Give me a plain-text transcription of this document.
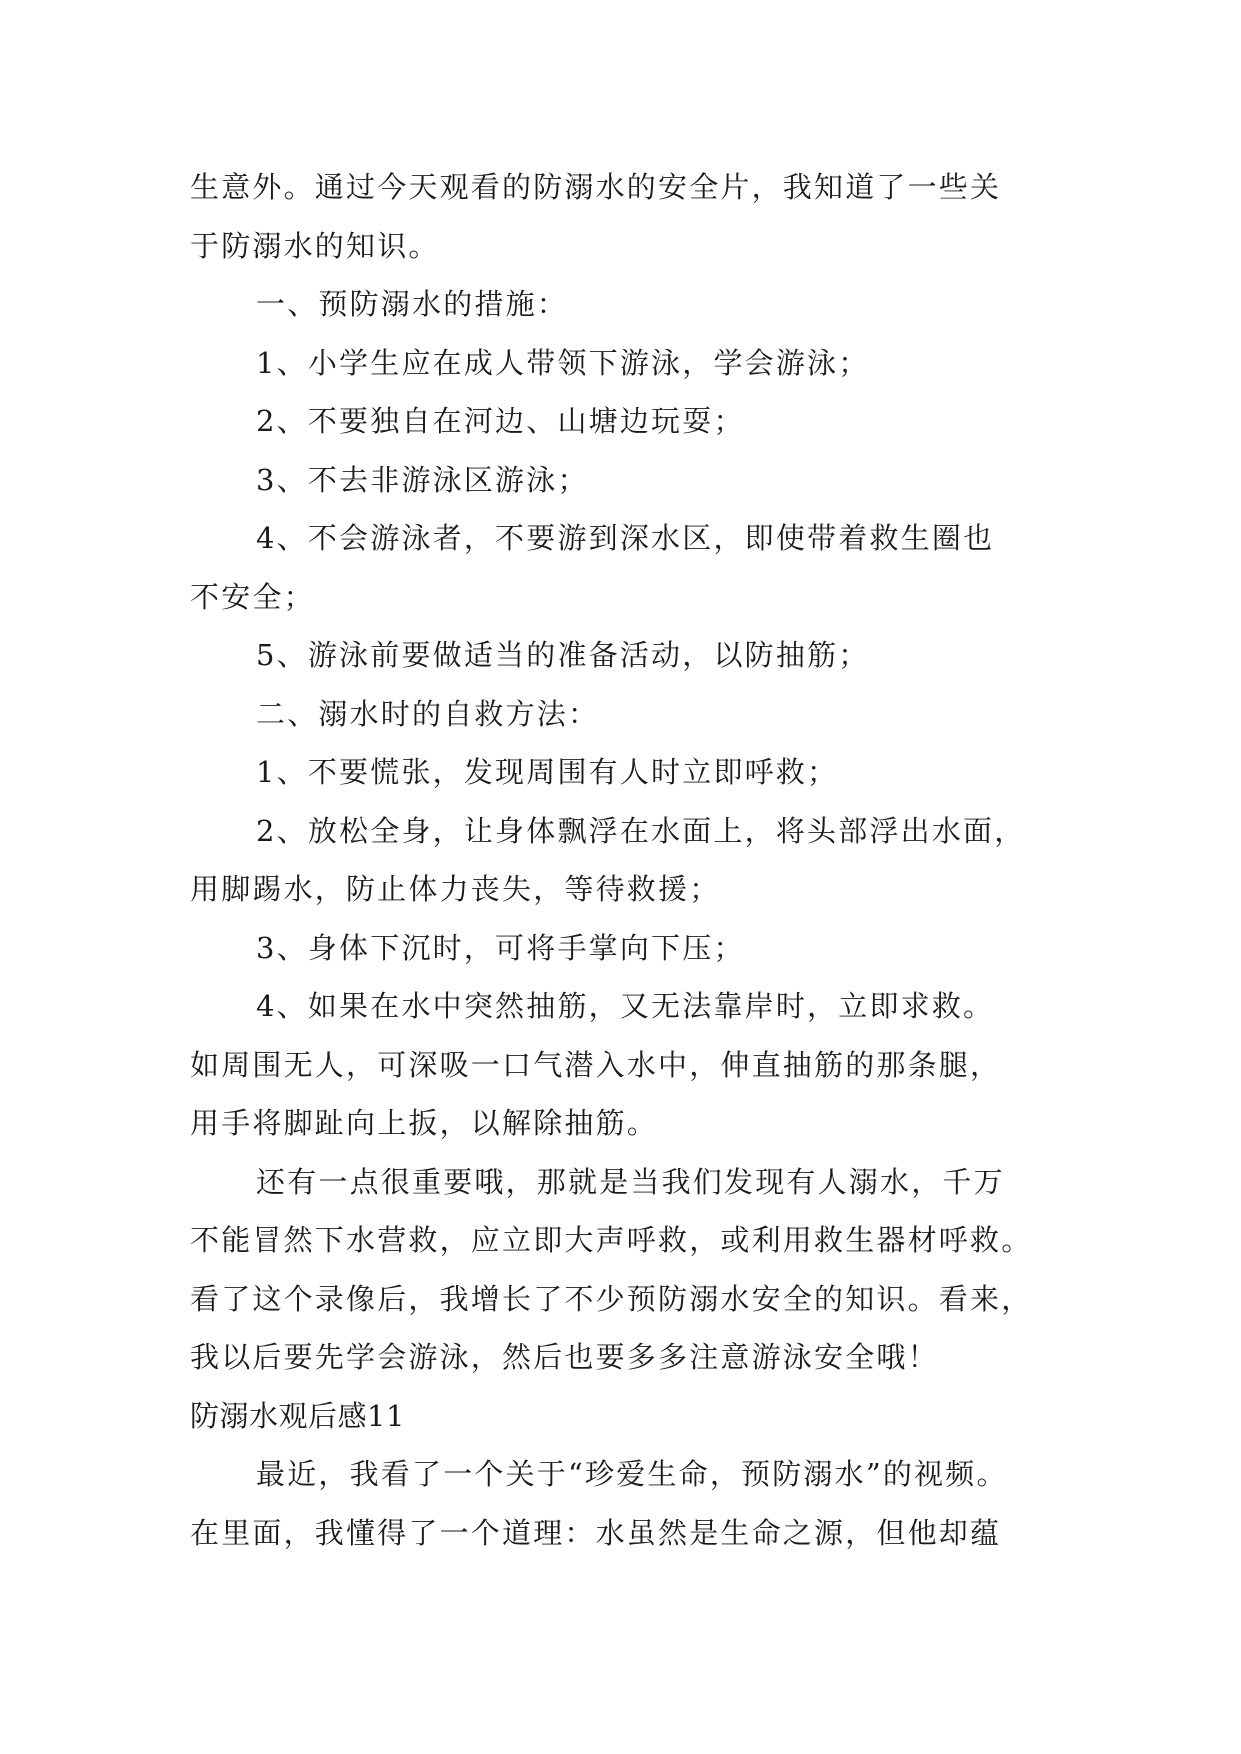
生意外。通过今天观看的防溺水的安全片，我知道了一些关
于防溺水的知识。
一、预防溺水的措施：
1、小学生应在成人带领下游泳，学会游泳；
2、不要独自在河边、山塘边玩耍；
3、不去非游泳区游泳；
4、不会游泳者，不要游到深水区，即使带着救生圈也
不安全；
5、游泳前要做适当的准备活动，以防抽筋；
二、溺水时的自救方法：
1、不要慌张，发现周围有人时立即呼救；
2、放松全身，让身体飘浮在水面上，将头部浮出水面，
用脚踢水，防止体力丧失，等待救援；
3、身体下沉时，可将手掌向下压；
4、如果在水中突然抽筋，又无法靠岸时，立即求救。
如周围无人，可深吸一口气潜入水中，伸直抽筋的那条腿，
用手将脚趾向上扳，以解除抽筋。
还有一点很重要哦，那就是当我们发现有人溺水，千万
不能冒然下水营救，应立即大声呼救，或利用救生器材呼救。
看了这个录像后，我增长了不少预防溺水安全的知识。看来，
我以后要先学会游泳，然后也要多多注意游泳安全哦！
防溺水观后感11
最近，我看了一个关于“珍爱生命，预防溺水”的视频。
在里面，我懂得了一个道理：水虽然是生命之源，但他却蕴
